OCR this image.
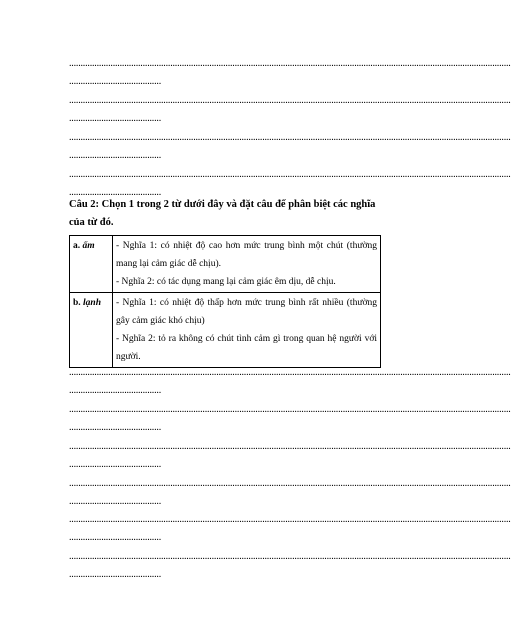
................................................................................................................................................................................................
........................................
................................................................................................................................................................................................
........................................
................................................................................................................................................................................................
........................................
................................................................................................................................................................................................
........................................
Câu 2: Chọn 1 trong 2 từ dưới đây và đặt câu để phân biệt các nghĩa của từ đó.
a. ấm	- Nghĩa 1: có nhiệt độ cao hơn mức trung bình một chút (thường mang lại cảm giác dễ chịu).
- Nghĩa 2: có tác dụng mang lại cảm giác êm dịu, dễ chịu.

b. lạnh	- Nghĩa 1: có nhiệt độ thấp hơn mức trung bình rất nhiều (thường gây cảm giác khó chịu)
- Nghĩa 2: tỏ ra không có chút tình cảm gì trong quan hệ người với người.
................................................................................................................................................................................................
........................................
................................................................................................................................................................................................
........................................
................................................................................................................................................................................................
........................................
................................................................................................................................................................................................
........................................
................................................................................................................................................................................................
........................................
................................................................................................................................................................................................
........................................
